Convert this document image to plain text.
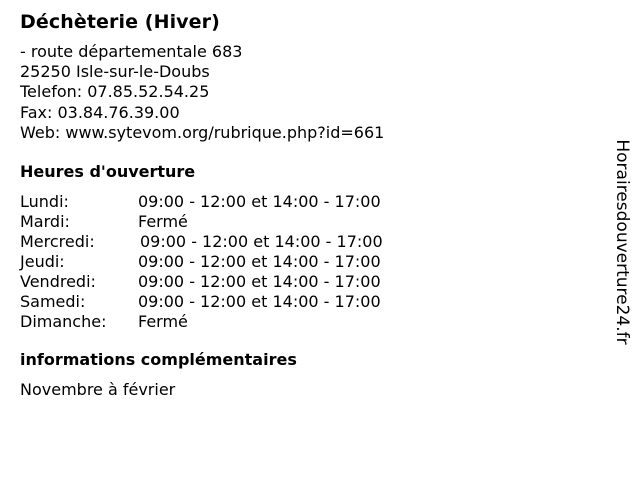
Déchèterie (Hiver)
- route départementale 683
25250 Isle-sur-le-Doubs
Telefon: 07.85.52.54.25
Fax: 03.84.76.39.00
Web: www.sytevom.org/rubrique.php?id=661
Heures d'ouverture
Lundi:	09:00 - 12:00 et 14:00 - 17:00
Mardi:	Fermé
Mercredi:	09:00 - 12:00 et 14:00 - 17:00
Jeudi:	09:00 - 12:00 et 14:00 - 17:00
Vendredi:	09:00 - 12:00 et 14:00 - 17:00
Samedi:	09:00 - 12:00 et 14:00 - 17:00
Dimanche: Fermé
informations complémentaires
Novembre à février
Horairesdouverture24.fr
